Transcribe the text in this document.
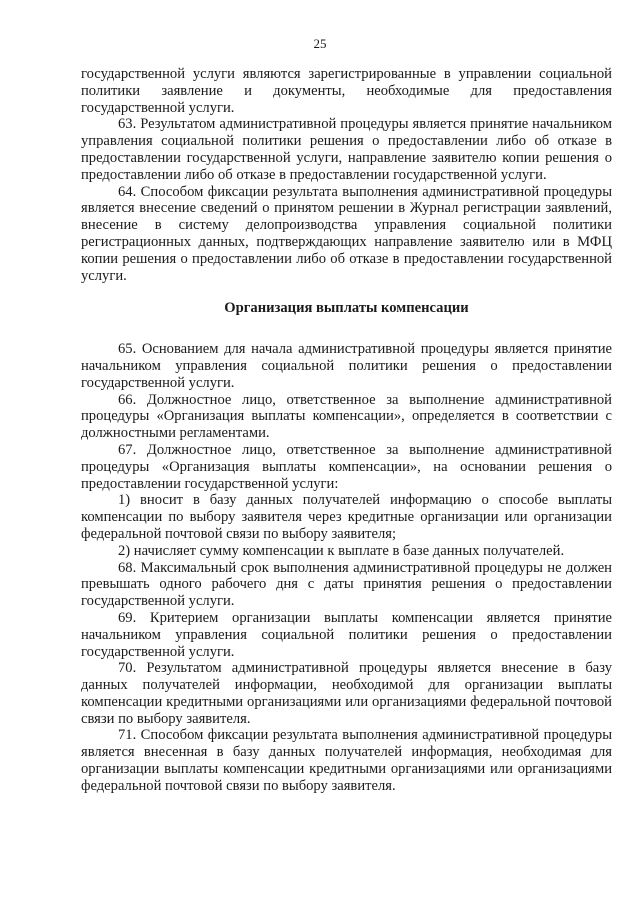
25

государственной услуги являются зарегистрированные в управлении социальной политики заявление и документы, необходимые для предоставления государственной услуги.

63. Результатом административной процедуры является принятие начальником управления социальной политики решения о предоставлении либо об отказе в предоставлении государственной услуги, направление заявителю копии решения о предоставлении либо об отказе в предоставлении государственной услуги.

64. Способом фиксации результата выполнения административной процедуры является внесение сведений о принятом решении в Журнал регистрации заявлений, внесение в систему делопроизводства управления социальной политики регистрационных данных, подтверждающих направление заявителю или в МФЦ копии решения о предоставлении либо об отказе в предоставлении государственной услуги.

Организация выплаты компенсации

65. Основанием для начала административной процедуры является принятие начальником управления социальной политики решения о предоставлении государственной услуги.

66. Должностное лицо, ответственное за выполнение административной процедуры «Организация выплаты компенсации», определяется в соответствии с должностными регламентами.

67. Должностное лицо, ответственное за выполнение административной процедуры «Организация выплаты компенсации», на основании решения о предоставлении государственной услуги:

1) вносит в базу данных получателей информацию о способе выплаты компенсации по выбору заявителя через кредитные организации или организации федеральной почтовой связи по выбору заявителя;

2) начисляет сумму компенсации к выплате в базе данных получателей.

68. Максимальный срок выполнения административной процедуры не должен превышать одного рабочего дня с даты принятия решения о предоставлении государственной услуги.

69. Критерием организации выплаты компенсации является принятие начальником управления социальной политики решения о предоставлении государственной услуги.

70. Результатом административной процедуры является внесение в базу данных получателей информации, необходимой для организации выплаты компенсации кредитными организациями или организациями федеральной почтовой связи по выбору заявителя.

71. Способом фиксации результата выполнения административной процедуры является внесенная в базу данных получателей информация, необходимая для организации выплаты компенсации кредитными организациями или организациями федеральной почтовой связи по выбору заявителя.
